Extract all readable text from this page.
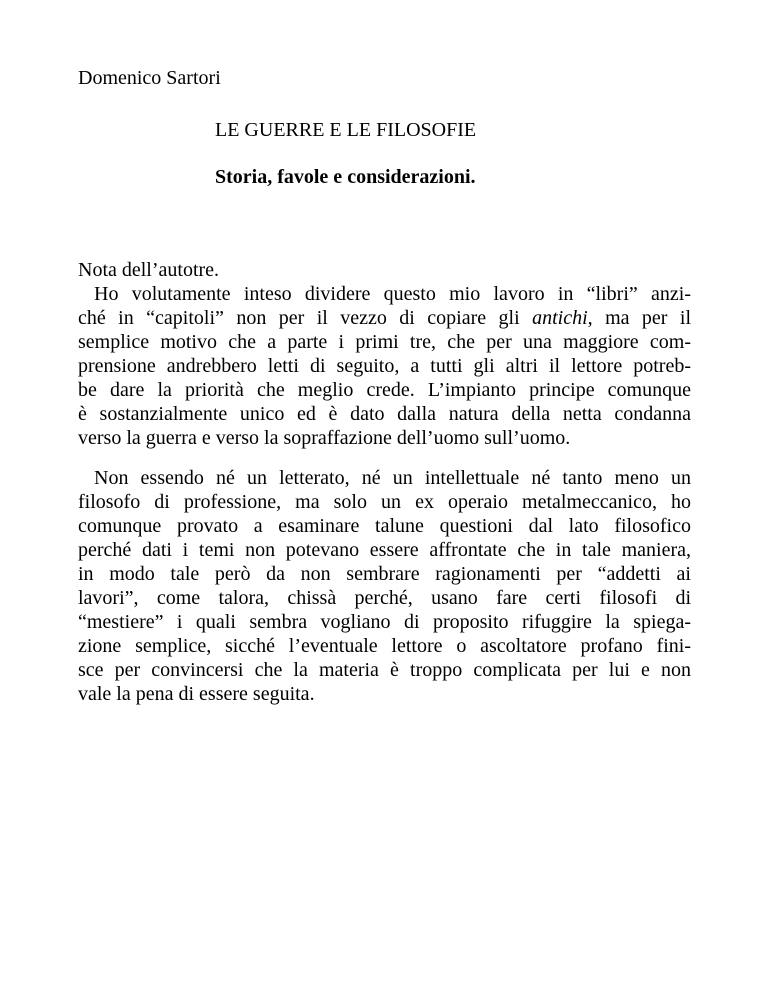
Domenico Sartori

LE GUERRE E LE FILOSOFIE
Storia, favole e considerazioni.
Nota dell’autotre.
Ho volutamente inteso dividere questo mio lavoro in “libri” anzi-
ché in “capitoli” non per il vezzo di copiare gli antichi, ma per il
semplice motivo che a parte i primi tre, che per una maggiore com-
prensione andrebbero letti di seguito, a tutti gli altri il lettore potreb-
be dare la priorità che meglio crede. L’impianto principe comunque
è sostanzialmente unico ed è dato dalla natura della netta condanna
verso la guerra e verso la sopraffazione dell’uomo sull’uomo.
Non essendo né un letterato, né un intellettuale né tanto meno un
filosofo di professione, ma solo un ex operaio metalmeccanico, ho
comunque provato a esaminare talune questioni dal lato filosofico
perché dati i temi non potevano essere affrontate che in tale maniera,
in modo tale però da non sembrare ragionamenti per “addetti ai
lavori”, come talora, chissà perché, usano fare certi filosofi di
“mestiere” i quali sembra vogliano di proposito rifuggire la spiega-
zione semplice, sicché l’eventuale lettore o ascoltatore profano fini-
sce per convincersi che la materia è troppo complicata per lui e non
vale la pena di essere seguita.
